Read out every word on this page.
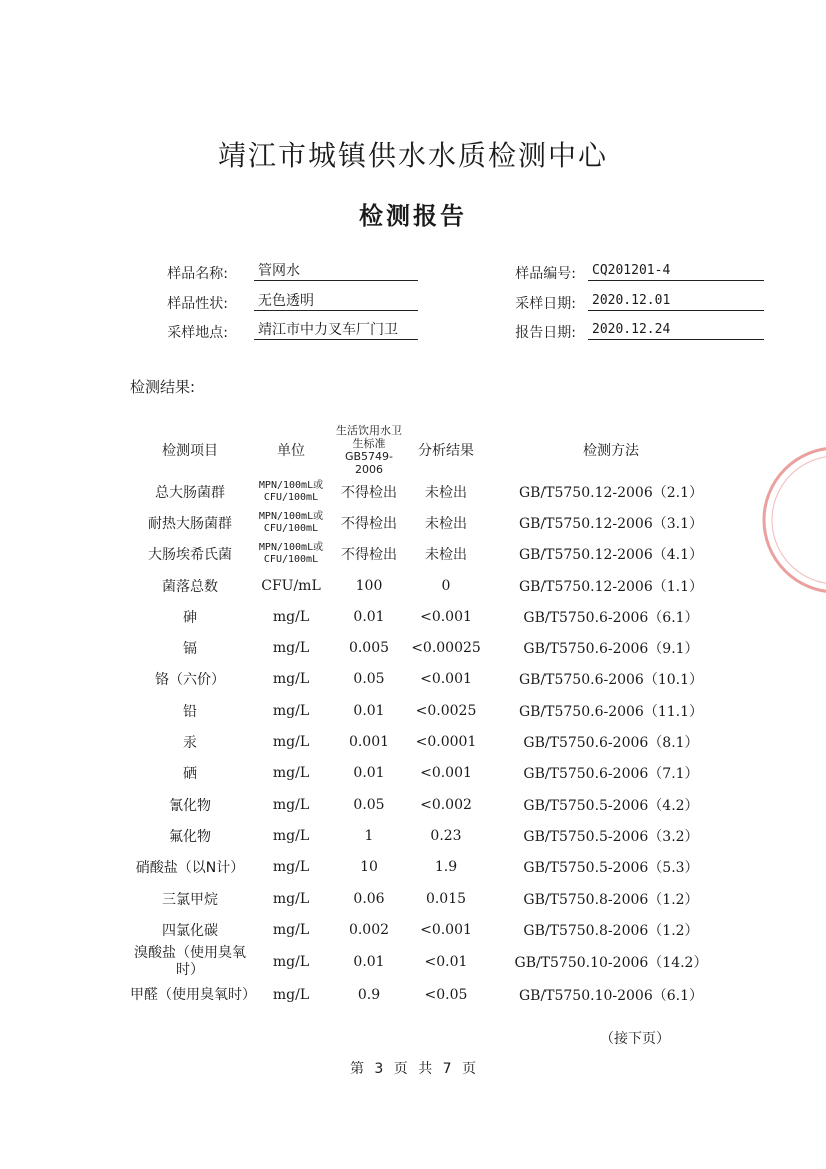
靖江市城镇供水水质检测中心
检测报告
样品名称: 管网水
样品性状: 无色透明
采样地点: 靖江市中力叉车厂门卫
样品编号:	CQ201201-4
采样日期:	2020.12.01
报告日期:	2020.12.24
检测结果:
检测项目	单位	生活饮用水卫生标准GB5749-2006	分析结果	检测方法
总大肠菌群	MPN/100mL或CFU/100mL	不得检出	未检出	GB/T5750.12-2006（2.1）
耐热大肠菌群	MPN/100mL或CFU/100mL	不得检出	未检出	GB/T5750.12-2006（3.1）
大肠埃希氏菌	MPN/100mL或CFU/100mL	不得检出	未检出	GB/T5750.12-2006（4.1）
菌落总数	CFU/mL	100	0	GB/T5750.12-2006（1.1）
砷	mg/L	0.01	<0.001	GB/T5750.6-2006（6.1）
镉	mg/L	0.005	<0.00025	GB/T5750.6-2006（9.1）
铬（六价）	mg/L	0.05	<0.001	GB/T5750.6-2006（10.1）
铅	mg/L	0.01	<0.0025	GB/T5750.6-2006（11.1）
汞	mg/L	0.001	<0.0001	GB/T5750.6-2006（8.1）
硒	mg/L	0.01	<0.001	GB/T5750.6-2006（7.1）
氰化物	mg/L	0.05	<0.002	GB/T5750.5-2006（4.2）
氟化物	mg/L	1	0.23	GB/T5750.5-2006（3.2）
硝酸盐（以N计）	mg/L	10	1.9	GB/T5750.5-2006（5.3）
三氯甲烷	mg/L	0.06	0.015	GB/T5750.8-2006（1.2）
四氯化碳	mg/L	0.002	<0.001	GB/T5750.8-2006（1.2）
溴酸盐（使用臭氧时）	mg/L	0.01	<0.01	GB/T5750.10-2006（14.2）
甲醛（使用臭氧时）	mg/L	0.9	<0.05	GB/T5750.10-2006（6.1）
（接下页）
第 3 页 共 7 页
